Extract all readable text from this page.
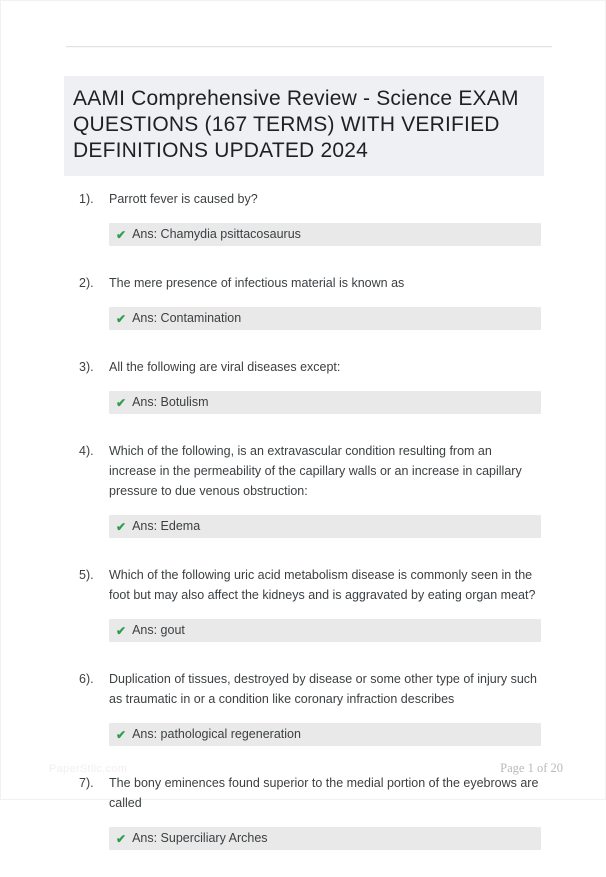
AAMI Comprehensive Review - Science EXAM QUESTIONS (167 TERMS) WITH VERIFIED DEFINITIONS UPDATED 2024
1).	Parrott fever is caused by?
✔ Ans: Chamydia psittacosaurus
2).	The mere presence of infectious material is known as
✔ Ans: Contamination
3).	All the following are viral diseases except:
✔ Ans: Botulism
4).	Which of the following, is an extravascular condition resulting from an increase in the permeability of the capillary walls or an increase in capillary pressure to due venous obstruction:
✔ Ans: Edema
5).	Which of the following uric acid metabolism disease is commonly seen in the foot but may also affect the kidneys and is aggravated by eating organ meat?
✔ Ans: gout
6).	Duplication of tissues, destroyed by disease or some other type of injury such as traumatic in or a condition like coronary infraction describes
✔ Ans: pathological regeneration
7).	The bony eminences found superior to the medial portion of the eyebrows are called
✔ Ans: Superciliary Arches
PaperStllc.com	Page 1 of 20
